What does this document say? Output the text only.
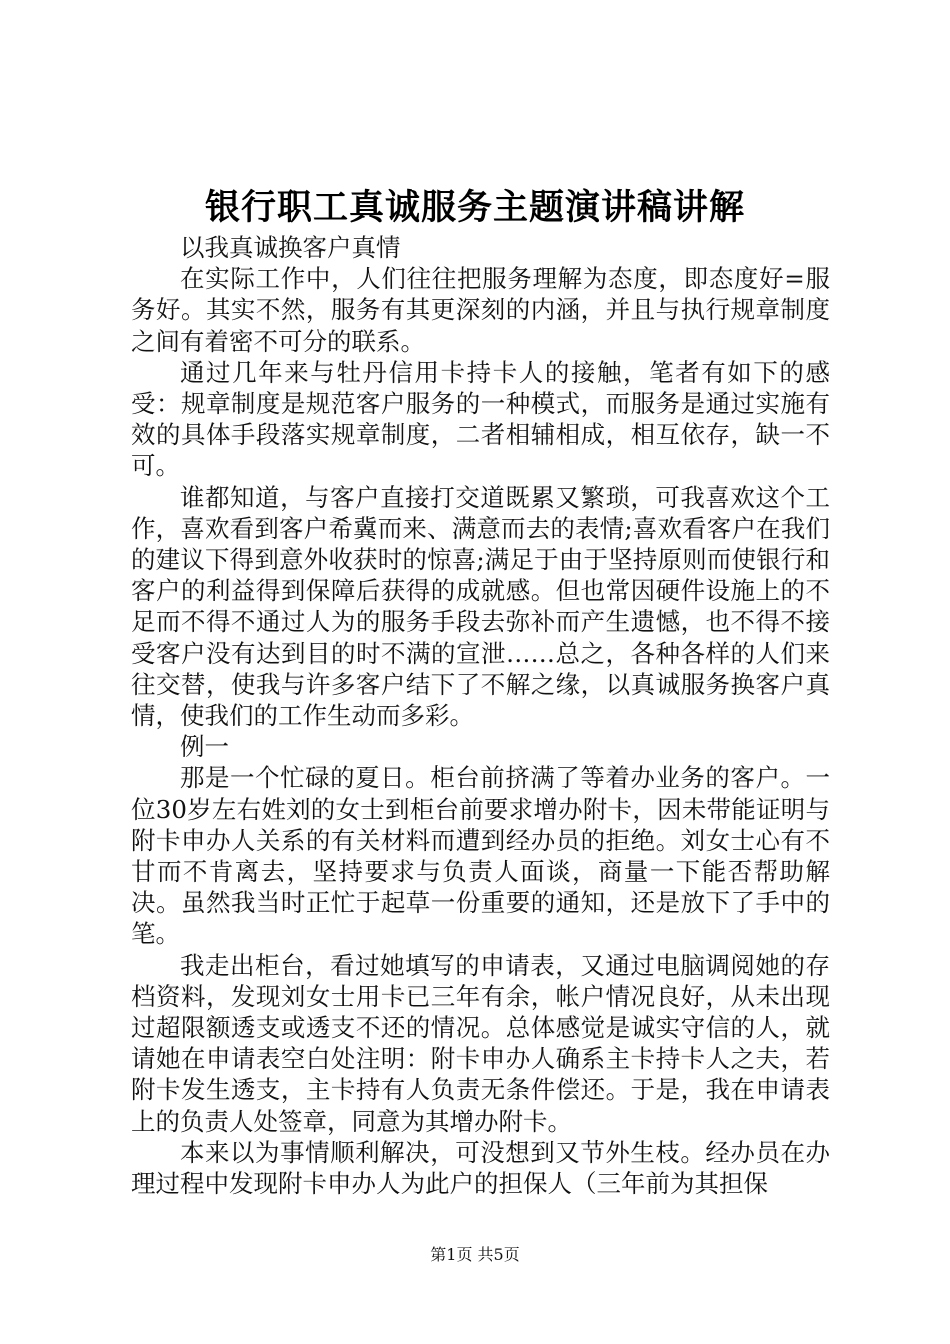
银行职工真诚服务主题演讲稿讲解

以我真诚换客户真情

在实际工作中，人们往往把服务理解为态度，即态度好=服务好。其实不然，服务有其更深刻的内涵，并且与执行规章制度之间有着密不可分的联系。

通过几年来与牡丹信用卡持卡人的接触，笔者有如下的感受：规章制度是规范客户服务的一种模式，而服务是通过实施有效的具体手段落实规章制度，二者相辅相成，相互依存，缺一不可。

谁都知道，与客户直接打交道既累又繁琐，可我喜欢这个工作，喜欢看到客户希冀而来、满意而去的表情;喜欢看客户在我们的建议下得到意外收获时的惊喜;满足于由于坚持原则而使银行和客户的利益得到保障后获得的成就感。但也常因硬件设施上的不足而不得不通过人为的服务手段去弥补而产生遗憾，也不得不接受客户没有达到目的时不满的宣泄……总之，各种各样的人们来往交替，使我与许多客户结下了不解之缘，以真诚服务换客户真情，使我们的工作生动而多彩。

例一

那是一个忙碌的夏日。柜台前挤满了等着办业务的客户。一位30岁左右姓刘的女士到柜台前要求增办附卡，因未带能证明与附卡申办人关系的有关材料而遭到经办员的拒绝。刘女士心有不甘而不肯离去，坚持要求与负责人面谈，商量一下能否帮助解决。虽然我当时正忙于起草一份重要的通知，还是放下了手中的笔。

我走出柜台，看过她填写的申请表，又通过电脑调阅她的存档资料，发现刘女士用卡已三年有余，帐户情况良好，从未出现过超限额透支或透支不还的情况。总体感觉是诚实守信的人，就请她在申请表空白处注明：附卡申办人确系主卡持卡人之夫，若附卡发生透支，主卡持有人负责无条件偿还。于是，我在申请表上的负责人处签章，同意为其增办附卡。

本来以为事情顺利解决，可没想到又节外生枝。经办员在办理过程中发现附卡申办人为此户的担保人（三年前为其担保

第1页 共5页
